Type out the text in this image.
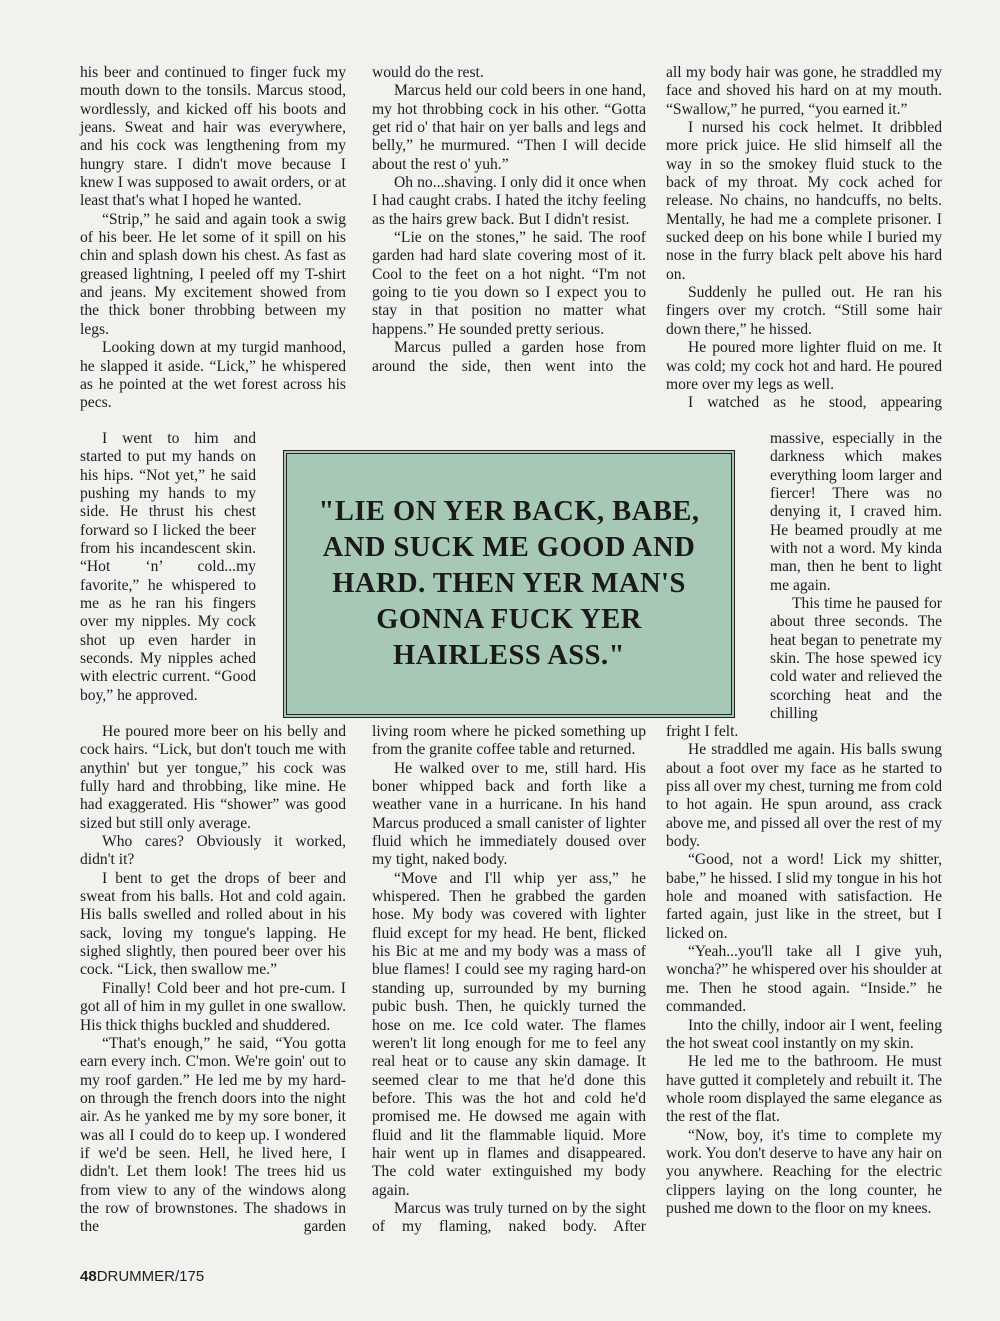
his beer and continued to finger fuck my mouth down to the tonsils. Marcus stood, wordlessly, and kicked off his boots and jeans. Sweat and hair was everywhere, and his cock was lengthening from my hungry stare. I didn't move because I knew I was supposed to await orders, or at least that's what I hoped he wanted.

“Strip,” he said and again took a swig of his beer. He let some of it spill on his chin and splash down his chest. As fast as greased lightning, I peeled off my T-shirt and jeans. My excitement showed from the thick boner throbbing between my legs.

Looking down at my turgid manhood, he slapped it aside. “Lick,” he whispered as he pointed at the wet forest across his pecs.

I went to him and started to put my hands on his hips. “Not yet,” he said pushing my hands to my side. He thrust his chest forward so I licked the beer from his incandescent skin. “Hot ‘n’ cold...my favorite,” he whispered to me as he ran his fingers over my nipples. My cock shot up even harder in seconds. My nipples ached with electric current. “Good boy,” he approved.

He poured more beer on his belly and cock hairs. “Lick, but don't touch me with anythin' but yer tongue,” his cock was fully hard and throbbing, like mine. He had exaggerated. His “shower” was good sized but still only average.

Who cares? Obviously it worked, didn't it?

I bent to get the drops of beer and sweat from his balls. Hot and cold again. His balls swelled and rolled about in his sack, loving my tongue's lapping. He sighed slightly, then poured beer over his cock. “Lick, then swallow me.”

Finally! Cold beer and hot pre-cum. I got all of him in my gullet in one swallow. His thick thighs buckled and shuddered.

“That's enough,” he said, “You gotta earn every inch. C'mon. We're goin' out to my roof garden.” He led me by my hard-on through the french doors into the night air. As he yanked me by my sore boner, it was all I could do to keep up. I wondered if we'd be seen. Hell, he lived here, I didn't. Let them look! The trees hid us from view to any of the windows along the row of brownstones. The shadows in the garden

would do the rest.

Marcus held our cold beers in one hand, my hot throbbing cock in his other. “Gotta get rid o' that hair on yer balls and legs and belly,” he murmured. “Then I will decide about the rest o' yuh.”

Oh no...shaving. I only did it once when I had caught crabs. I hated the itchy feeling as the hairs grew back. But I didn't resist.

“Lie on the stones,” he said. The roof garden had hard slate covering most of it. Cool to the feet on a hot night. “I'm not going to tie you down so I expect you to stay in that position no matter what happens.” He sounded pretty serious.

Marcus pulled a garden hose from around the side, then went into the

living room where he picked something up from the granite coffee table and returned.

He walked over to me, still hard. His boner whipped back and forth like a weather vane in a hurricane. In his hand Marcus produced a small canister of lighter fluid which he immediately doused over my tight, naked body.

“Move and I'll whip yer ass,” he whispered. Then he grabbed the garden hose. My body was covered with lighter fluid except for my head. He bent, flicked his Bic at me and my body was a mass of blue flames! I could see my raging hard-on standing up, surrounded by my burning pubic bush. Then, he quickly turned the hose on me. Ice cold water. The flames weren't lit long enough for me to feel any real heat or to cause any skin damage. It seemed clear to me that he'd done this before. This was the hot and cold he'd promised me. He dowsed me again with fluid and lit the flammable liquid. More hair went up in flames and disappeared. The cold water extinguished my body again.

Marcus was truly turned on by the sight of my flaming, naked body. After

all my body hair was gone, he straddled my face and shoved his hard on at my mouth. “Swallow,” he purred, “you earned it.”

I nursed his cock helmet. It dribbled more prick juice. He slid himself all the way in so the smokey fluid stuck to the back of my throat. My cock ached for release. No chains, no handcuffs, no belts. Mentally, he had me a complete prisoner. I sucked deep on his bone while I buried my nose in the furry black pelt above his hard on.

Suddenly he pulled out. He ran his fingers over my crotch. “Still some hair down there,” he hissed.

He poured more lighter fluid on me. It was cold; my cock hot and hard. He poured more over my legs as well.

I watched as he stood, appearing

massive, especially in the darkness which makes everything loom larger and fiercer! There was no denying it, I craved him. He beamed proudly at me with not a word. My kinda man, then he bent to light me again.

This time he paused for about three seconds. The heat began to penetrate my skin. The hose spewed icy cold water and relieved the scorching heat and the chilling

fright I felt.

He straddled me again. His balls swung about a foot over my face as he started to piss all over my chest, turning me from cold to hot again. He spun around, ass crack above me, and pissed all over the rest of my body.

“Good, not a word! Lick my shitter, babe,” he hissed. I slid my tongue in his hot hole and moaned with satisfaction. He farted again, just like in the street, but I licked on.

“Yeah...you'll take all I give yuh, woncha?” he whispered over his shoulder at me. Then he stood again. “Inside.” he commanded.

Into the chilly, indoor air I went, feeling the hot sweat cool instantly on my skin.

He led me to the bathroom. He must have gutted it completely and rebuilt it. The whole room displayed the same elegance as the rest of the flat.

“Now, boy, it's time to complete my work. You don't deserve to have any hair on you anywhere. Reaching for the electric clippers laying on the long counter, he pushed me down to the floor on my knees.

"LIE ON YER BACK, BABE, AND SUCK ME GOOD AND HARD. THEN YER MAN'S GONNA FUCK YER HAIRLESS ASS."
48DRUMMER/175
